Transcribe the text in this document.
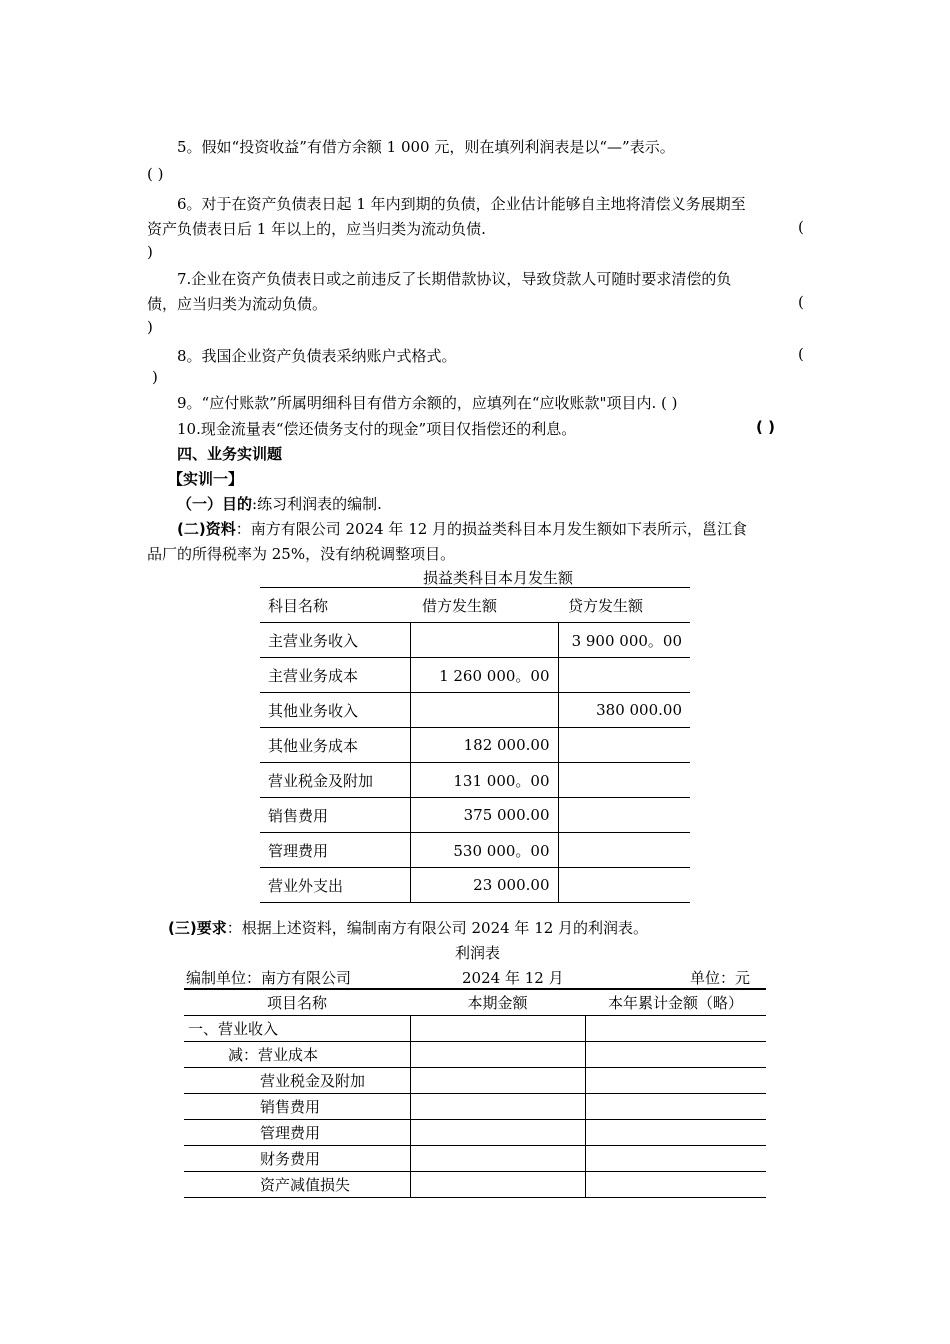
5。假如“投资收益”有借方余额 1 000 元，则在填列利润表是以“—”表示。
( )
6。对于在资产负债表日起 1 年内到期的负债，企业估计能够自主地将清偿义务展期至
资产负债表日后 1 年以上的，应当归类为流动负债.	(
)
7.企业在资产负债表日或之前违反了长期借款协议，导致贷款人可随时要求清偿的负
债，应当归类为流动负债。	(
)
8。我国企业资产负债表采纳账户式格式。	(
)
9。“应付账款”所属明细科目有借方余额的，应填列在“应收账款"项目内. ( )
10.现金流量表“偿还债务支付的现金”项目仅指偿还的利息。	( )
四、业务实训题
【实训一】
（一）目的:练习利润表的编制.
(二)资料：南方有限公司 2024 年 12 月的损益类科目本月发生额如下表所示，邕江食
品厂的所得税率为 25%，没有纳税调整项目。
损益类科目本月发生额
科目名称	借方发生额	贷方发生额
主营业务收入		3 900 000。00
主营业务成本	1 260 000。00	
其他业务收入		380 000.00
其他业务成本	182 000.00	
营业税金及附加	131 000。00	
销售费用	375 000.00	
管理费用	530 000。00	
营业外支出	23 000.00	
(三)要求：根据上述资料，编制南方有限公司 2024 年 12 月的利润表。
利润表
编制单位：南方有限公司	2024 年 12 月	单位：元
项目名称	本期金额	本年累计金额（略）
一、营业收入		
减：营业成本		
营业税金及附加		
销售费用		
管理费用		
财务费用		
资产减值损失		
